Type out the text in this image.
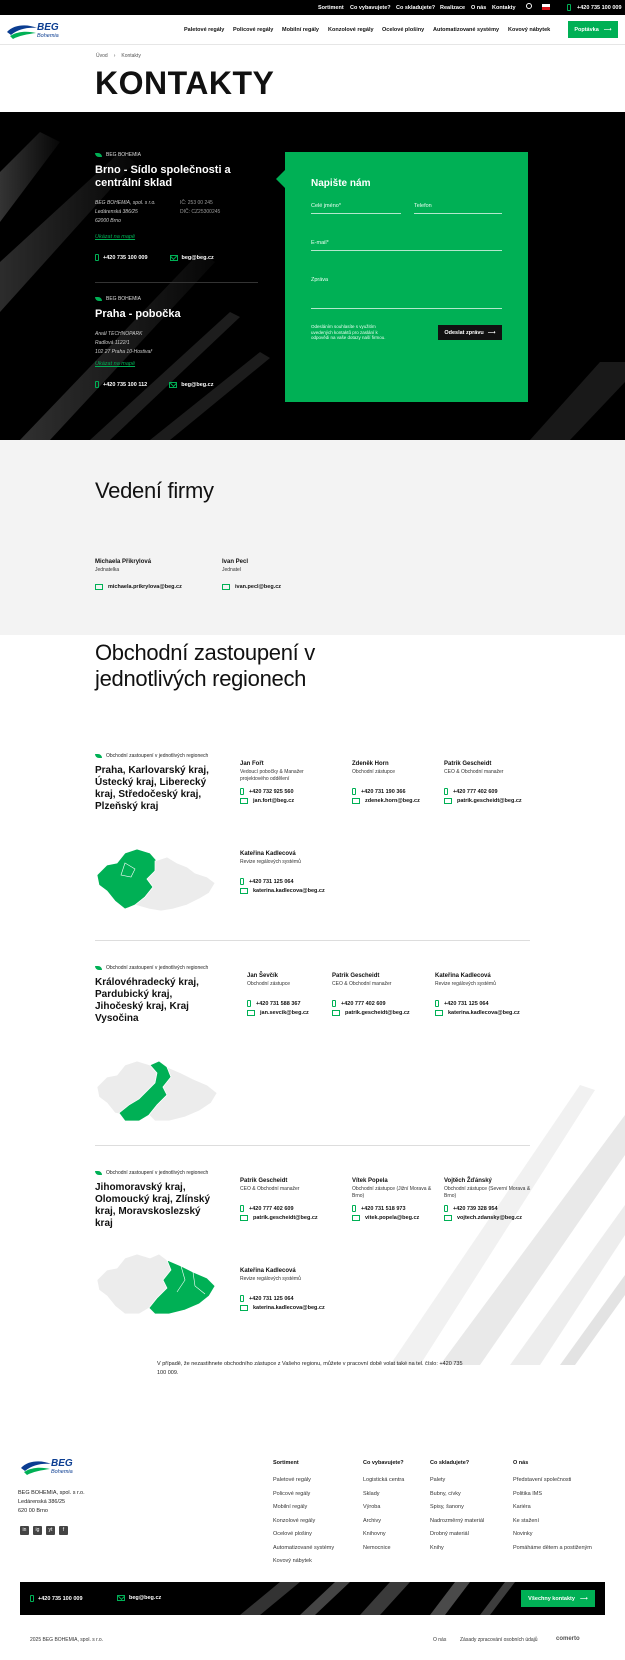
Sortiment Co vybavujete? Co skladujete? Realizace O nás Kontakty	+420 735 100 009
BEG
Bohemia
Paletové regály Policové regály Mobilní regály Konzolové regály Ocelové plošiny Automatizované systémy Kovový nábytek	Poptávka ⟶
Úvod › Kontakty
KONTAKTY
BEG BOHEMIA
Brno - Sídlo společnosti a centrální sklad
BEG BOHEMIA, spol. s r.o.
Ledárenská 386/25
62000 Brno
IČ: 253 00 245
DIČ: CZ25300245
Ukázat na mapě
+420 735 100 009	beg@beg.cz
BEG BOHEMIA
Praha - pobočka
Areál TECHNOPARK
Radlová 1122/1
102 27 Praha 10-Hostivař
Ukázat na mapě
+420 735 100 112	beg@beg.cz
Napište nám
Celé jméno*	Telefon
E-mail*
Zpráva
Odesláním souhlasíte s využitím uvedených kontaktů pro zaslání k odpovědi na vaše dotazy naší firmou.
Odeslat zprávu ⟶
Vedení firmy
Michaela Přikrylová
Jednatelka
michaela.prikrylova@beg.cz
Ivan Pecl
Jednatel
ivan.pecl@beg.cz
Obchodní zastoupení v jednotlivých regionech
Obchodní zastoupení v jednotlivých regionech
Praha, Karlovarský kraj, Ústecký kraj, Liberecký kraj, Středočeský kraj, Plzeňský kraj
Obchodní zastoupení v jednotlivých regionech
Královéhradecký kraj, Pardubický kraj, Jihočeský kraj, Kraj Vysočina
Obchodní zastoupení v jednotlivých regionech
Jihomoravský kraj, Olomoucký kraj, Zlínský kraj, Moravskoslezský kraj
V případě, že nezastihnete obchodního zástupce z Vašeho regionu, můžete v pracovní době volat také na tel. číslo: +420 735 100 009.
Jan Fořt
Vedoucí pobočky & Manažer projektového oddělení
+420 732 925 560
jan.fort@beg.cz
Zdeněk Horn
Obchodní zástupce
+420 731 190 366
zdenek.horn@beg.cz
Patrik Gescheidt
CEO & Obchodní manažer
+420 777 402 609
patrik.gescheidt@beg.cz
Kateřina Kadlecová
Revize regálových systémů
+420 731 125 064
katerina.kadlecova@beg.cz
Jan Ševčík
Obchodní zástupce
+420 731 588 367
jan.sevcik@beg.cz
Patrik Gescheidt
CEO & Obchodní manažer
+420 777 402 609
patrik.gescheidt@beg.cz
Kateřina Kadlecová
Revize regálových systémů
+420 731 125 064
katerina.kadlecova@beg.cz
Patrik Gescheidt
CEO & Obchodní manažer
+420 777 402 609
patrik.gescheidt@beg.cz
Vítek Popela
Obchodní zástupce (Jižní Morava & Brno)
+420 731 518 973
vitek.popela@beg.cz
Vojtěch Žďánský
Obchodní zástupce (Severní Morava & Brno)
+420 739 328 954
vojtech.zdansky@beg.cz
Kateřina Kadlecová
Revize regálových systémů
+420 731 125 064
katerina.kadlecova@beg.cz
BEG
Bohemia
BEG BOHEMIA, spol. s r.o.
Ledárenská 386/25
620 00 Brno
in	ig	yt	f
Sortiment
Paletové regály
Policové regály
Mobilní regály
Konzolové regály
Ocelové plošiny
Automatizované systémy
Kovový nábytek
Co vybavujete?
Logistická centra
Sklady
Výroba
Archivy
Knihovny
Nemocnice
Co skladujete?
Palety
Bubny, cívky
Spisy, šanony
Nadrozměrný materiál
Drobný materiál
Knihy
O nás
Představení společnosti
Politika IMS
Kariéra
Ke stažení
Novinky
Pomáháme dětem a postiženým
+420 735 100 009	beg@beg.cz	Všechny kontakty ⟶
2025 BEG BOHEMIA, spol. s r.o.	O nás	Zásady zpracování osobních údajů	comerto
